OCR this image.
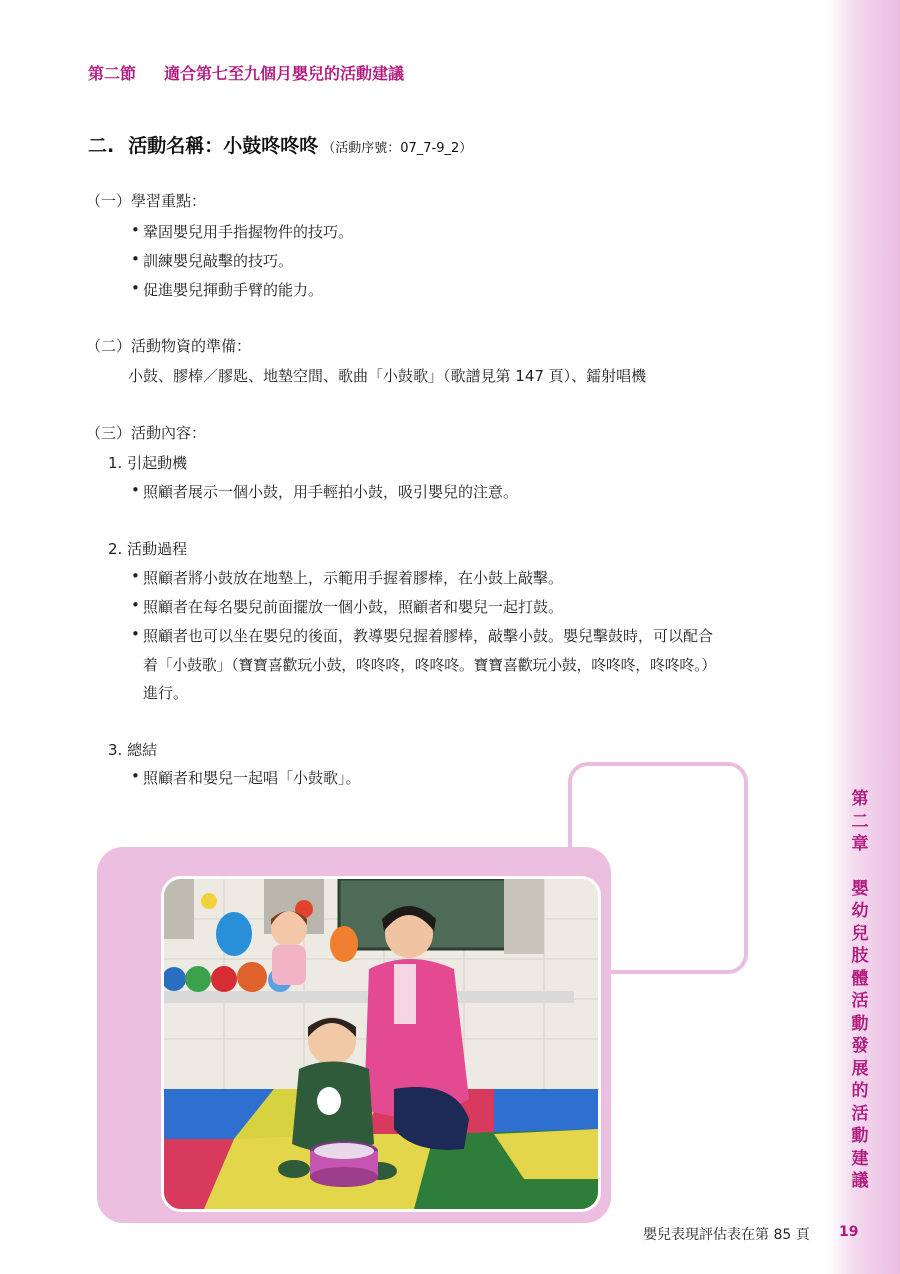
第二章
嬰幼兒肢體活動發展的活動建議
第二節 適合第七至九個月嬰兒的活動建議
二. 活動名稱：小鼓咚咚咚 （活動序號：07_7-9_2）
（一）學習重點：
• 鞏固嬰兒用手指握物件的技巧。
• 訓練嬰兒敲擊的技巧。
• 促進嬰兒揮動手臂的能力。
（二）活動物資的準備：
小鼓、膠棒／膠匙、地墊空間、歌曲「小鼓歌」（歌譜見第 147 頁）、鐳射唱機
（三）活動內容：
1. 引起動機
• 照顧者展示一個小鼓，用手輕拍小鼓，吸引嬰兒的注意。
2. 活動過程
• 照顧者將小鼓放在地墊上，示範用手握着膠棒，在小鼓上敲擊。
• 照顧者在每名嬰兒前面擺放一個小鼓，照顧者和嬰兒一起打鼓。
• 照顧者也可以坐在嬰兒的後面，教導嬰兒握着膠棒，敲擊小鼓。嬰兒擊鼓時，可以配合
着「小鼓歌」（寶寶喜歡玩小鼓，咚咚咚，咚咚咚。寶寶喜歡玩小鼓，咚咚咚，咚咚咚。）
進行。
3. 總結
• 照顧者和嬰兒一起唱「小鼓歌」。
嬰兒表現評估表在第 85 頁 19
